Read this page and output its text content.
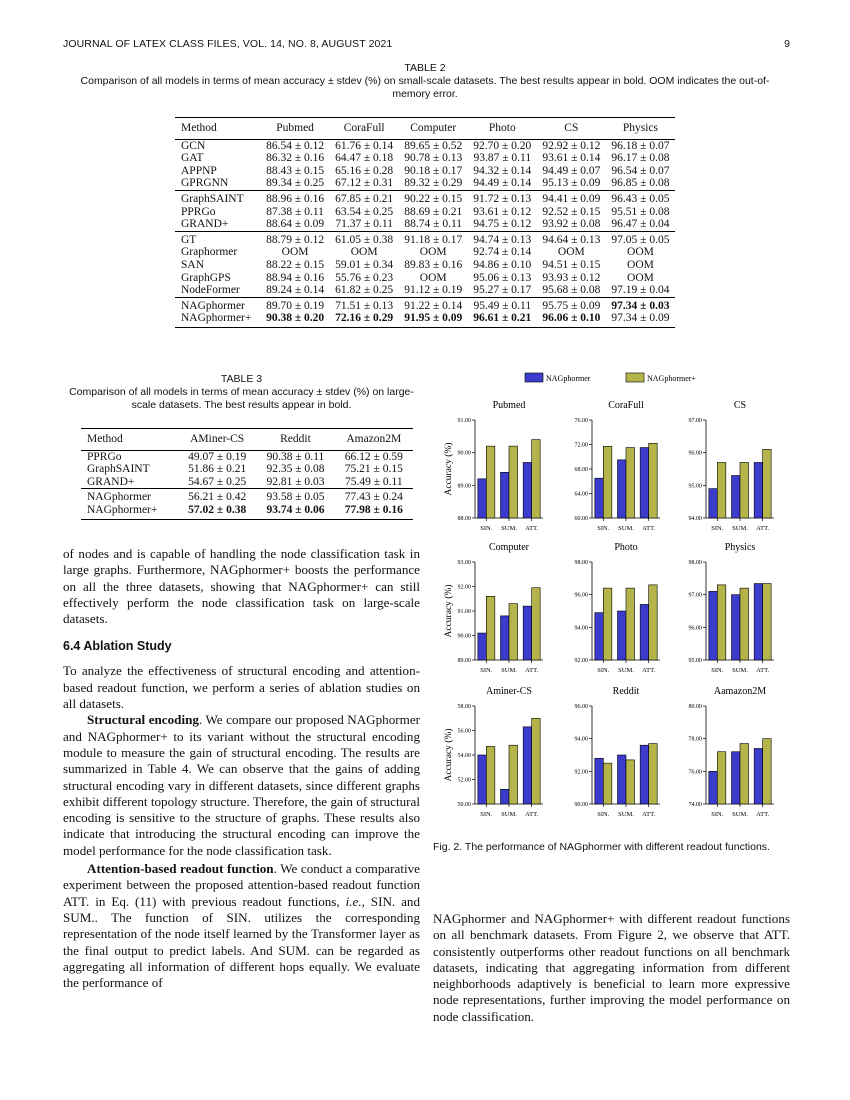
JOURNAL OF LATEX CLASS FILES, VOL. 14, NO. 8, AUGUST 2021	9
TABLE 2
Comparison of all models in terms of mean accuracy ± stdev (%) on small-scale datasets. The best results appear in bold. OOM indicates the out-of-memory error.
Method	Pubmed	CoraFull	Computer	Photo	CS	Physics
GCN	86.54 ± 0.12	61.76 ± 0.14	89.65 ± 0.52	92.70 ± 0.20	92.92 ± 0.12	96.18 ± 0.07
GAT	86.32 ± 0.16	64.47 ± 0.18	90.78 ± 0.13	93.87 ± 0.11	93.61 ± 0.14	96.17 ± 0.08
APPNP	88.43 ± 0.15	65.16 ± 0.28	90.18 ± 0.17	94.32 ± 0.14	94.49 ± 0.07	96.54 ± 0.07
GPRGNN	89.34 ± 0.25	67.12 ± 0.31	89.32 ± 0.29	94.49 ± 0.14	95.13 ± 0.09	96.85 ± 0.08
GraphSAINT	88.96 ± 0.16	67.85 ± 0.21	90.22 ± 0.15	91.72 ± 0.13	94.41 ± 0.09	96.43 ± 0.05
PPRGo	87.38 ± 0.11	63.54 ± 0.25	88.69 ± 0.21	93.61 ± 0.12	92.52 ± 0.15	95.51 ± 0.08
GRAND+	88.64 ± 0.09	71.37 ± 0.11	88.74 ± 0.11	94.75 ± 0.12	93.92 ± 0.08	96.47 ± 0.04
GT	88.79 ± 0.12	61.05 ± 0.38	91.18 ± 0.17	94.74 ± 0.13	94.64 ± 0.13	97.05 ± 0.05
Graphormer	OOM	OOM	OOM	92.74 ± 0.14	OOM	OOM
SAN	88.22 ± 0.15	59.01 ± 0.34	89.83 ± 0.16	94.86 ± 0.10	94.51 ± 0.15	OOM
GraphGPS	88.94 ± 0.16	55.76 ± 0.23	OOM	95.06 ± 0.13	93.93 ± 0.12	OOM
NodeFormer	89.24 ± 0.14	61.82 ± 0.25	91.12 ± 0.19	95.27 ± 0.17	95.68 ± 0.08	97.19 ± 0.04
NAGphormer	89.70 ± 0.19	71.51 ± 0.13	91.22 ± 0.14	95.49 ± 0.11	95.75 ± 0.09	97.34 ± 0.03
NAGphormer+	90.38 ± 0.20	72.16 ± 0.29	91.95 ± 0.09	96.61 ± 0.21	96.06 ± 0.10	97.34 ± 0.09
TABLE 3
Comparison of all models in terms of mean accuracy ± stdev (%) on large-scale datasets. The best results appear in bold.
Method	AMiner-CS	Reddit	Amazon2M
PPRGo	49.07 ± 0.19	90.38 ± 0.11	66.12 ± 0.59
GraphSAINT	51.86 ± 0.21	92.35 ± 0.08	75.21 ± 0.15
GRAND+	54.67 ± 0.25	92.81 ± 0.03	75.49 ± 0.11
NAGphormer	56.21 ± 0.42	93.58 ± 0.05	77.43 ± 0.24
NAGphormer+	57.02 ± 0.38	93.74 ± 0.06	77.98 ± 0.16

of nodes and is capable of handling the node classification task in large graphs. Furthermore, NAGphormer+ boosts the performance on all the three datasets, showing that NAGphormer+ can still effectively perform the node classification task on large-scale datasets.

6.4 Ablation Study

To analyze the effectiveness of structural encoding and attention-based readout function, we perform a series of ablation studies on all datasets.

Structural encoding. We compare our proposed NAGphormer and NAGphormer+ to its variant without the structural encoding module to measure the gain of structural encoding. The results are summarized in Table 4. We can observe that the gains of adding structural encoding vary in different datasets, since different graphs exhibit different topology structure. Therefore, the gain of structural encoding is sensitive to the structure of graphs. These results also indicate that introducing the structural encoding can improve the model performance for the node classification task.

Attention-based readout function. We conduct a comparative experiment between the proposed attention-based readout function ATT. in Eq. (11) with previous readout functions, i.e., SIN. and SUM.. The function of SIN. utilizes the corresponding representation of the node itself learned by the Transformer layer as the final output to predict labels. And SUM. can be regarded as aggregating all information of different hops equally. We evaluate the performance of

NAGphormer	NAGphormer+
Pubmed
88.00
89.00
90.00
91.00
Accuracy (%)
SIN. SUM. ATT.
CoraFull
60.00
64.00
68.00
72.00
76.00
SIN. SUM. ATT.
CS
94.00
95.00
96.00
97.00
SIN. SUM. ATT.
Computer
89.00
90.00
91.00
92.00
93.00
Accuracy (%)
SIN. SUM. ATT.
Photo
92.00
94.00
96.00
98.00
SIN. SUM. ATT.
Physics
95.00
96.00
97.00
98.00
SIN. SUM. ATT.
Aminer-CS
50.00
52.00
54.00
56.00
58.00
Accuracy (%)
SIN. SUM. ATT.
Reddit
90.00
92.00
94.00
96.00
SIN. SUM. ATT.
Aamazon2M
74.00
76.00
78.00
80.00
SIN. SUM. ATT.
Fig. 2. The performance of NAGphormer with different readout functions.

NAGphormer and NAGphormer+ with different readout functions on all benchmark datasets. From Figure 2, we observe that ATT. consistently outperforms other readout functions on all benchmark datasets, indicating that aggregating information from different neighborhoods adaptively is beneficial to learn more expressive node representations, further improving the model performance on node classification.
